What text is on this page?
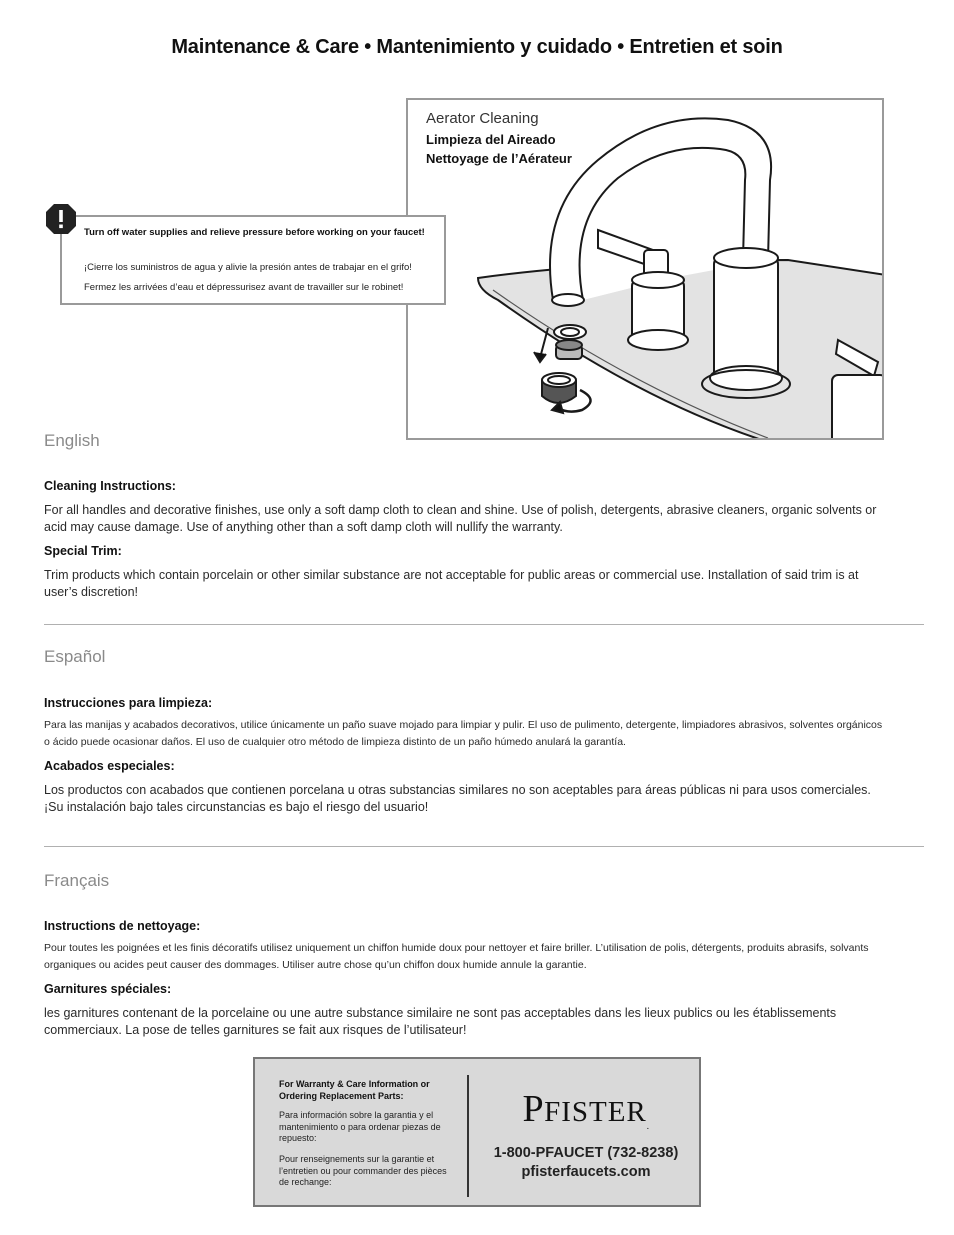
Maintenance & Care • Mantenimiento y cuidado • Entretien et soin
Aerator Cleaning
Limpieza del Aireado
Nettoyage de l’Aérateur
Turn off water supplies and relieve pressure before working on your faucet!
¡Cierre los suministros de agua y alivie la presión antes de trabajar en el grifo!
Fermez les arrivées d’eau et dépressurisez avant de travailler sur le robinet!
English
Cleaning Instructions:
For all handles and decorative finishes, use only a soft damp cloth to clean and shine. Use of polish, detergents, abrasive cleaners, organic solvents or acid may cause damage. Use of anything other than a soft damp cloth will nullify the warranty.
Special Trim:
Trim products which contain porcelain or other similar substance are not acceptable for public areas or commercial use. Installation of said trim is at user’s discretion!
Español
Instrucciones para limpieza:
Para las manijas y acabados decorativos, utilice únicamente un paño suave mojado para limpiar y pulir. El uso de pulimento, detergente, limpiadores abrasivos, solventes orgánicos o ácido puede ocasionar daños. El uso de cualquier otro método de limpieza distinto de un paño húmedo anulará la garantía.
Acabados especiales:
Los productos con acabados que contienen porcelana u otras substancias similares no son aceptables para áreas públicas ni para usos comerciales. ¡Su instalación bajo tales circunstancias es bajo el riesgo del usuario!
Français
Instructions de nettoyage:
Pour toutes les poignées et les finis décoratifs utilisez uniquement un chiffon humide doux pour nettoyer et faire briller. L’utilisation de polis, détergents, produits abrasifs, solvants organiques ou acides peut causer des dommages. Utiliser autre chose qu’un chiffon doux humide annule la garantie.
Garnitures spéciales:
les garnitures contenant de la porcelaine ou une autre substance similaire ne sont pas acceptables dans les lieux publics ou les établissements commerciaux. La pose de telles garnitures se fait aux risques de l’utilisateur!
For Warranty & Care Information or Ordering Replacement Parts:
Para información sobre la garantia y el mantenimiento o para ordenar piezas de repuesto:
Pour renseignements sur la garantie et l’entretien ou pour commander des pièces de rechange:
PFISTER.
1-800-PFAUCET (732-8238)
pfisterfaucets.com
